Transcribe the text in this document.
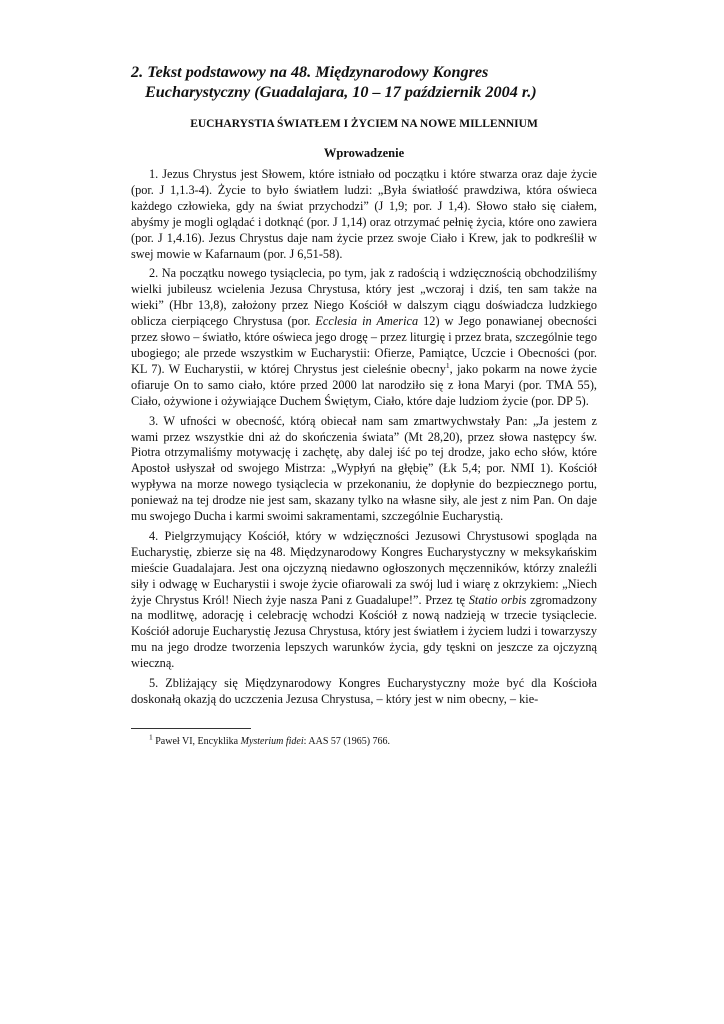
2. Tekst podstawowy na 48. Międzynarodowy Kongres Eucharystyczny (Guadalajara, 10 – 17 październik 2004 r.)
EUCHARYSTIA ŚWIATŁEM I ŻYCIEM NA NOWE MILLENNIUM
Wprowadzenie

1. Jezus Chrystus jest Słowem, które istniało od początku i które stwarza oraz daje życie (por. J 1,1.3-4). Życie to było światłem ludzi: „Była światłość prawdziwa, która oświeca każdego człowieka, gdy na świat przychodzi” (J 1,9; por. J 1,4). Słowo stało się ciałem, abyśmy je mogli oglądać i dotknąć (por. J 1,14) oraz otrzymać pełnię życia, które ono zawiera (por. J 1,4.16). Jezus Chrystus daje nam życie przez swoje Ciało i Krew, jak to podkreślił w swej mowie w Kafarnaum (por. J 6,51-58).

2. Na początku nowego tysiąclecia, po tym, jak z radością i wdzięcznością obchodziliśmy wielki jubileusz wcielenia Jezusa Chrystusa, który jest „wczoraj i dziś, ten sam także na wieki” (Hbr 13,8), założony przez Niego Kościół w dalszym ciągu doświadcza ludzkiego oblicza cierpiącego Chrystusa (por. Ecclesia in America 12) w Jego ponawianej obecności przez słowo – światło, które oświeca jego drogę – przez liturgię i przez brata, szczególnie tego ubogiego; ale przede wszystkim w Eucharystii: Ofierze, Pamiątce, Uczcie i Obecności (por. KL 7). W Eucharystii, w której Chrystus jest cieleśnie obecny$^1$, jako pokarm na nowe życie ofiaruje On to samo ciało, które przed 2000 lat narodziło się z łona Maryi (por. TMA 55), Ciało, ożywione i ożywiające Duchem Świętym, Ciało, które daje ludziom życie (por. DP 5).

3. W ufności w obecność, którą obiecał nam sam zmartwychwstały Pan: „Ja jestem z wami przez wszystkie dni aż do skończenia świata” (Mt 28,20), przez słowa następcy św. Piotra otrzymaliśmy motywację i zachętę, aby dalej iść po tej drodze, jako echo słów, które Apostoł usłyszał od swojego Mistrza: „Wypłyń na głębię” (Łk 5,4; por. NMI 1). Kościół wypływa na morze nowego tysiąclecia w przekonaniu, że dopłynie do bezpiecznego portu, ponieważ na tej drodze nie jest sam, skazany tylko na własne siły, ale jest z nim Pan. On daje mu swojego Ducha i karmi swoimi sakramentami, szczególnie Eucharystią.

4. Pielgrzymujący Kościół, który w wdzięczności Jezusowi Chrystusowi spogląda na Eucharystię, zbierze się na 48. Międzynarodowy Kongres Eucharystyczny w meksykańskim mieście Guadalajara. Jest ona ojczyzną niedawno ogłoszonych męczenników, którzy znaleźli siły i odwagę w Eucharystii i swoje życie ofiarowali za swój lud i wiarę z okrzykiem: „Niech żyje Chrystus Król! Niech żyje nasza Pani z Guadalupe!”. Przez tę Statio orbis zgromadzony na modlitwę, adorację i celebrację wchodzi Kościół z nową nadzieją w trzecie tysiąclecie. Kościół adoruje Eucharystię Jezusa Chrystusa, który jest światłem i życiem ludzi i towarzyszy mu na jego drodze tworzenia lepszych warunków życia, gdy tęskni on jeszcze za ojczyzną wieczną.

5. Zbliżający się Międzynarodowy Kongres Eucharystyczny może być dla Kościoła doskonałą okazją do uczczenia Jezusa Chrystusa, – który jest w nim obecny, – kie-

$^1$ Paweł VI, Encyklika Mysterium fidei: AAS 57 (1965) 766.
